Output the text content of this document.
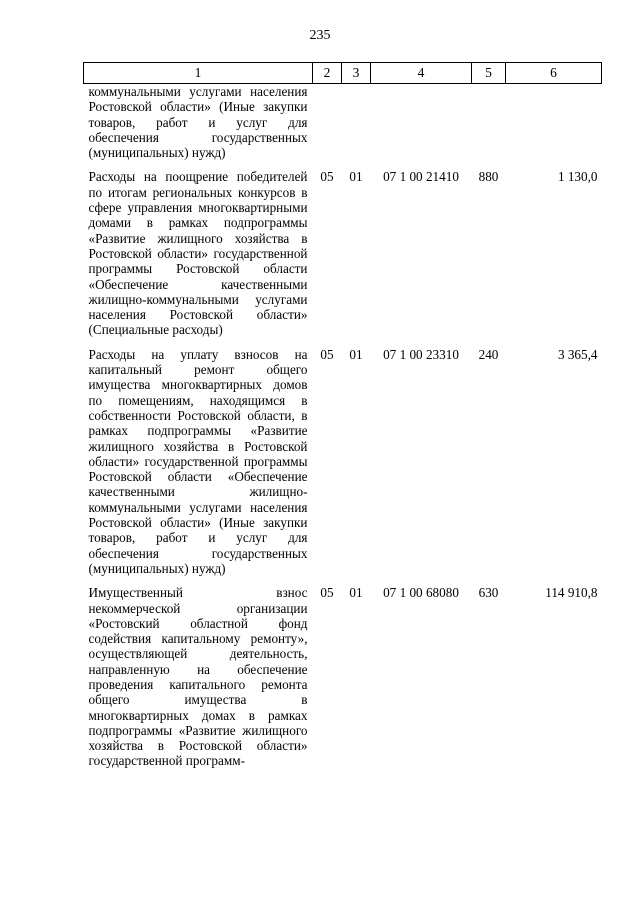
235
1	2	3	4	5	6
коммунальными услугами населения Ростовской области» (Иные закупки товаров, работ и услуг для обеспечения государственных (муниципальных) нужд)					
Расходы на поощрение победителей по итогам региональных конкурсов в сфере управления многоквартирными домами в рамках подпрограммы «Развитие жилищного хозяйства в Ростовской области» государственной программы Ростовской области «Обеспечение качественными жилищно-коммунальными услугами населения Ростовской области» (Специальные расходы)	05	01	07 1 00 21410	880	1 130,0
Расходы на уплату взносов на капитальный ремонт общего имущества многоквартирных домов по помещениям, находящимся в собственности Ростовской области, в рамках подпрограммы «Развитие жилищного хозяйства в Ростовской области» государственной программы Ростовской области «Обеспечение качественными жилищно-коммунальными услугами населения Ростовской области» (Иные закупки товаров, работ и услуг для обеспечения государственных (муниципальных) нужд)	05	01	07 1 00 23310	240	3 365,4
Имущественный взнос некоммерческой организации «Ростовский областной фонд содействия капитальному ремонту», осуществляющей деятельность, направленную на обеспечение проведения капитального ремонта общего имущества в многоквартирных домах в рамках подпрограммы «Развитие жилищного хозяйства в Ростовской области» государственной программ-	05	01	07 1 00 68080	630	114 910,8
